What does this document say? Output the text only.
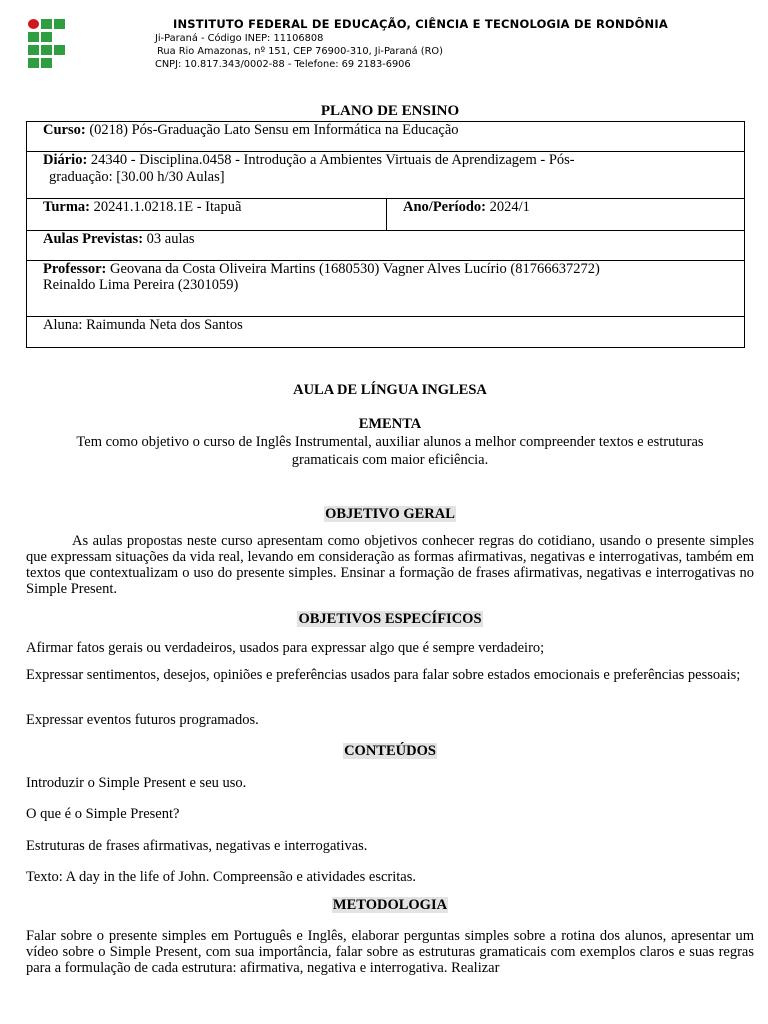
INSTITUTO FEDERAL DE EDUCAÇÃO, CIÊNCIA E TECNOLOGIA DE RONDÔNIA
Ji-Paraná - Código INEP: 11106808
Rua Rio Amazonas, nº 151, CEP 76900-310, Ji-Paraná (RO)
CNPJ: 10.817.343/0002-88 - Telefone: 69 2183-6906
PLANO DE ENSINO
Curso: (0218) Pós-Graduação Lato Sensu em Informática na Educação
Diário: 24340 - Disciplina.0458 - Introdução a Ambientes Virtuais de Aprendizagem - Pós-
graduação: [30.00 h/30 Aulas]
Turma: 20241.1.0218.1E - Itapuã	Ano/Período: 2024/1
Aulas Previstas: 03 aulas
Professor: Geovana da Costa Oliveira Martins (1680530) Vagner Alves Lucírio (81766637272)
Reinaldo Lima Pereira (2301059)
Aluna: Raimunda Neta dos Santos
AULA DE LÍNGUA INGLESA
EMENTA
Tem como objetivo o curso de Inglês Instrumental, auxiliar alunos a melhor compreender textos e estruturas
gramaticais com maior eficiência.
OBJETIVO GERAL

As aulas propostas neste curso apresentam como objetivos conhecer regras do cotidiano, usando o presente simples que expressam situações da vida real, levando em consideração as formas afirmativas, negativas e interrogativas, também em textos que contextualizam o uso do presente simples. Ensinar a formação de frases afirmativas, negativas e interrogativas no Simple Present.

OBJETIVOS ESPECÍFICOS

Afirmar fatos gerais ou verdadeiros, usados para expressar algo que é sempre verdadeiro;

Expressar sentimentos, desejos, opiniões e preferências usados para falar sobre estados emocionais e preferências pessoais;

Expressar eventos futuros programados.

CONTEÚDOS

Introduzir o Simple Present e seu uso.

O que é o Simple Present?

Estruturas de frases afirmativas, negativas e interrogativas.

Texto: A day in the life of John. Compreensão e atividades escritas.

METODOLOGIA

Falar sobre o presente simples em Português e Inglês, elaborar perguntas simples sobre a rotina dos alunos, apresentar um vídeo sobre o Simple Present, com sua importância, falar sobre as estruturas gramaticais com exemplos claros e suas regras para a formulação de cada estrutura: afirmativa, negativa e interrogativa. Realizar
